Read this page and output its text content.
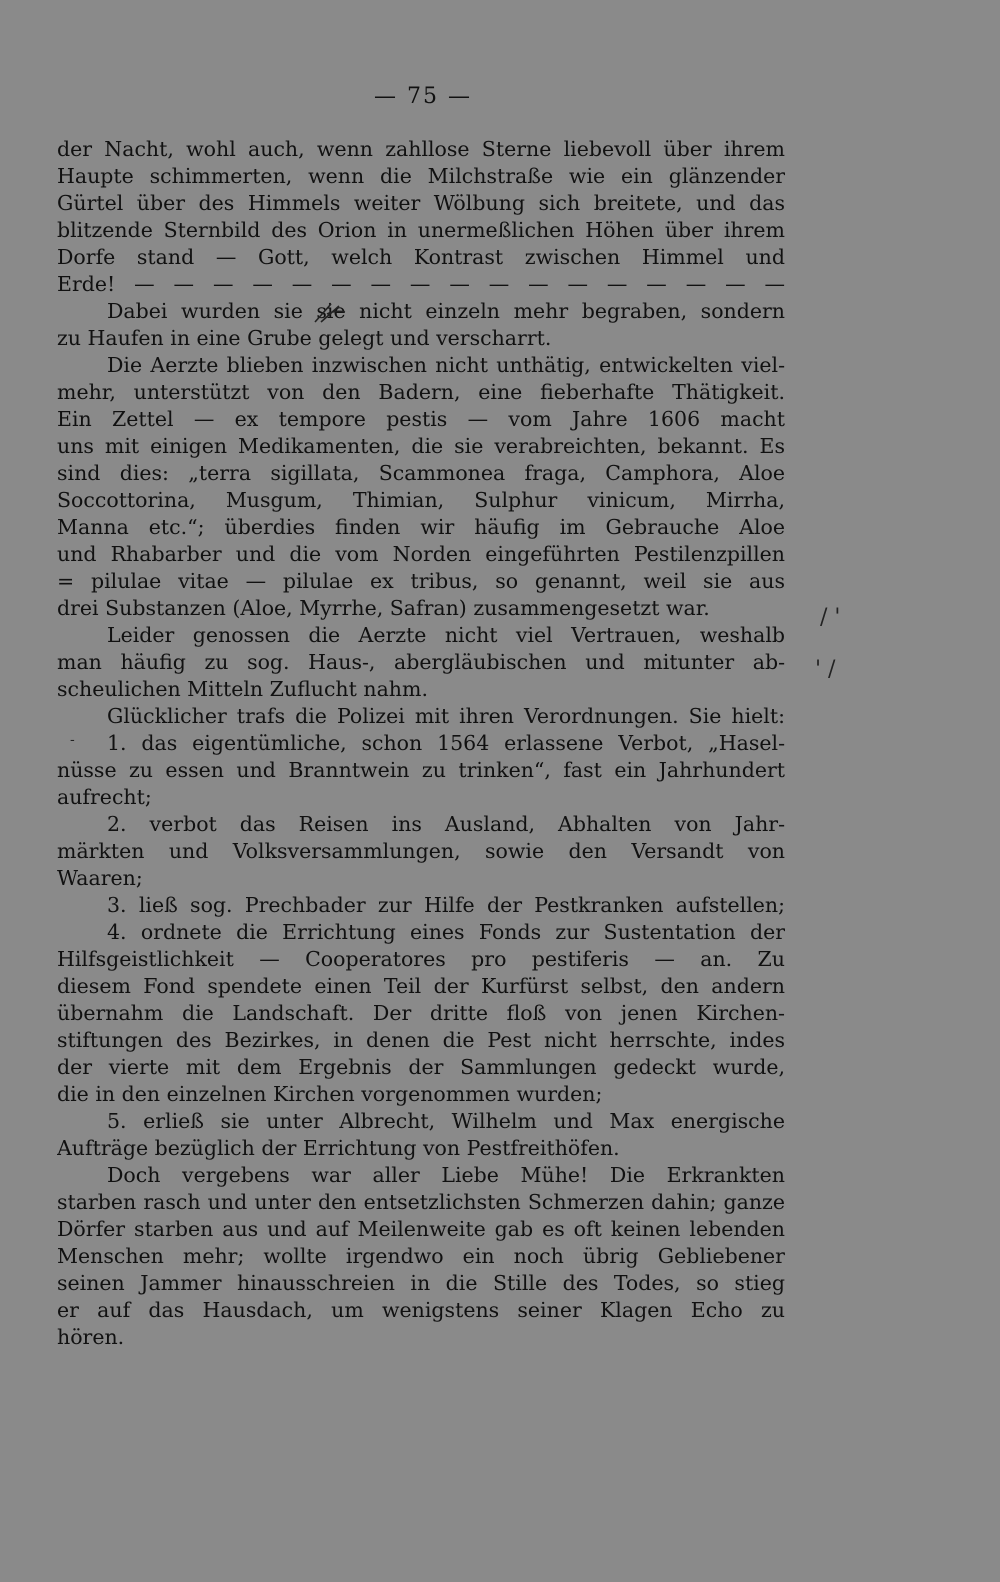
— 75 —
der Nacht, wohl auch, wenn zahllose Sterne liebevoll über ihrem
Haupte schimmerten, wenn die Milchstraße wie ein glänzender
Gürtel über des Himmels weiter Wölbung sich breitete, und das
blitzende Sternbild des Orion in unermeßlichen Höhen über ihrem
Dorfe stand — Gott, welch Kontrast zwischen Himmel und
Erde! — — — — — — — — — — — — — — — — —
Dabei wurden sie sie nicht einzeln mehr begraben, sondern
zu Haufen in eine Grube gelegt und verscharrt.
Die Aerzte blieben inzwischen nicht unthätig, entwickelten viel-
mehr, unterstützt von den Badern, eine fieberhafte Thätigkeit.
Ein Zettel — ex tempore pestis — vom Jahre 1606 macht
uns mit einigen Medikamenten, die sie verabreichten, bekannt. Es
sind dies: „terra sigillata, Scammonea fraga, Camphora, Aloe
Soccottorina, Musgum, Thimian, Sulphur vinicum, Mirrha,
Manna etc.“; überdies finden wir häufig im Gebrauche Aloe
und Rhabarber und die vom Norden eingeführten Pestilenzpillen
= pilulae vitae — pilulae ex tribus, so genannt, weil sie aus
drei Substanzen (Aloe, Myrrhe, Safran) zusammengesetzt war.
Leider genossen die Aerzte nicht viel Vertrauen, weshalb
man häufig zu sog. Haus-, abergläubischen und mitunter ab-
scheulichen Mitteln Zuflucht nahm.
Glücklicher trafs die Polizei mit ihren Verordnungen. Sie hielt:
1. das eigentümliche, schon 1564 erlassene Verbot, „Hasel-
nüsse zu essen und Branntwein zu trinken“, fast ein Jahrhundert
aufrecht;
2. verbot das Reisen ins Ausland, Abhalten von Jahr-
märkten und Volksversammlungen, sowie den Versandt von
Waaren;
3. ließ sog. Prechbader zur Hilfe der Pestkranken aufstellen;
4. ordnete die Errichtung eines Fonds zur Sustentation der
Hilfsgeistlichkeit — Cooperatores pro pestiferis — an. Zu
diesem Fond spendete einen Teil der Kurfürst selbst, den andern
übernahm die Landschaft. Der dritte floß von jenen Kirchen-
stiftungen des Bezirkes, in denen die Pest nicht herrschte, indes
der vierte mit dem Ergebnis der Sammlungen gedeckt wurde,
die in den einzelnen Kirchen vorgenommen wurden;
5. erließ sie unter Albrecht, Wilhelm und Max energische
Aufträge bezüglich der Errichtung von Pestfreithöfen.
Doch vergebens war aller Liebe Mühe! Die Erkrankten
starben rasch und unter den entsetzlichsten Schmerzen dahin; ganze
Dörfer starben aus und auf Meilenweite gab es oft keinen lebenden
Menschen mehr; wollte irgendwo ein noch übrig Gebliebener
seinen Jammer hinausschreien in die Stille des Todes, so stieg
er auf das Hausdach, um wenigstens seiner Klagen Echo zu
hören.
/ '
' /
-
